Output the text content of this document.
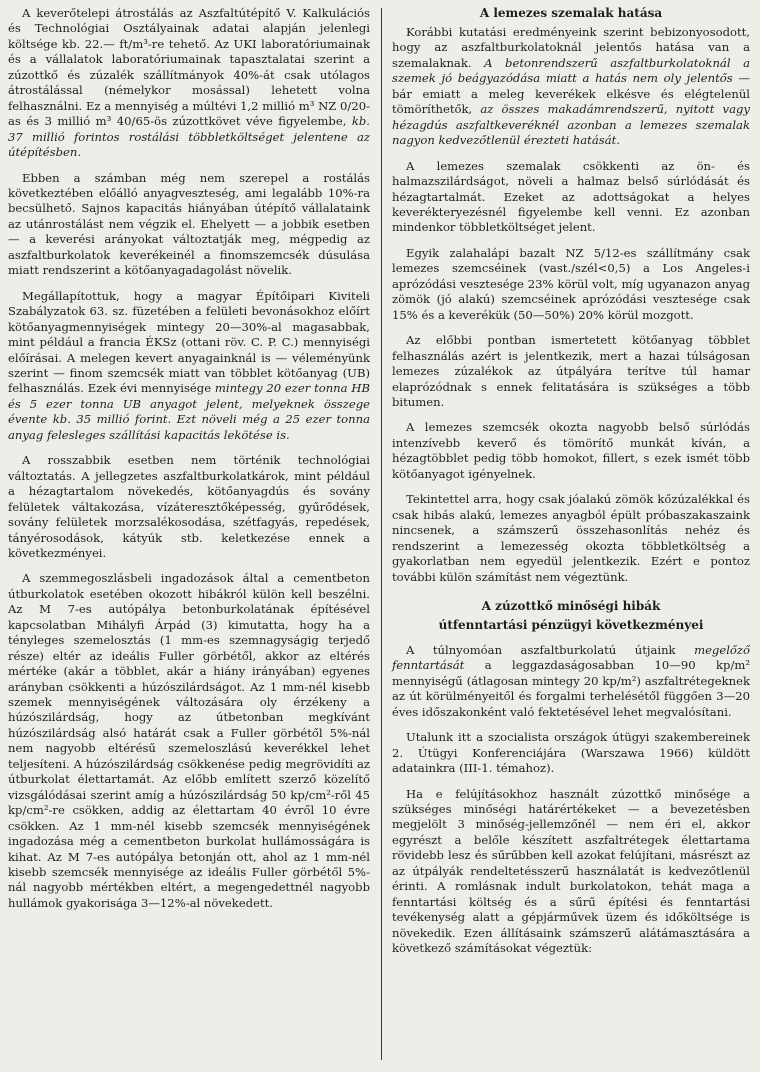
A keverőtelepi átrostálás az Aszfaltútépítő V. Kalkulációs és Technológiai Osztályainak adatai alapján jelenlegi költsége kb. 22.— ft/m³-re tehető. Az UKI laboratóriumainak és a vállalatok laboratóriumainak tapasztalatai szerint a zúzottkő és zúzalék szállítmányok 40%-át csak utólagos átrostálással (némelykor mosással) lehetett volna felhasználni. Ez a mennyiség a múltévi 1,2 millió m³ NZ 0/20-as és 3 millió m³ 40/65-ös zúzottkövet véve figyelembe, kb. 37 millió forintos rostálási többletköltséget jelentene az útépítésben.

Ebben a számban még nem szerepel a rostálás következtében előálló anyagveszteség, ami legalább 10%-ra becsülhető. Sajnos kapacitás hiányában útépítő vállalataink az utánrostálást nem végzik el. Ehelyett — a jobbik esetben — a keverési arányokat változtatják meg, mégpedig az aszfaltburkolatok keverékeinél a finomszemcsék dúsulása miatt rendszerint a kötőanyagadagolást növelik.

Megállapítottuk, hogy a magyar Építőipari Kiviteli Szabályzatok 63. sz. füzetében a felületi bevonásokhoz előírt kötőanyagmennyiségek mintegy 20—30%-al magasabbak, mint például a francia ÉKSz (ottani röv. C. P. C.) mennyiségi előírásai. A melegen kevert anyagainknál is — véleményünk szerint — finom szemcsék miatt van többlet kötőanyag (UB) felhasználás. Ezek évi mennyisége mintegy 20 ezer tonna HB és 5 ezer tonna UB anyagot jelent, melyeknek összege évente kb. 35 millió forint. Ezt növeli még a 25 ezer tonna anyag felesleges szállítási kapacitás lekötése is.

A rosszabbik esetben nem történik technológiai változtatás. A jellegzetes aszfaltburkolatkárok, mint például a hézagtartalom növekedés, kötőanyagdús és sovány felületek váltakozása, vízáteresztőképesség, gyűrődések, sovány felületek morzsalékosodása, szétfagyás, repedések, tányérosodások, kátyúk stb. keletkezése ennek a következményei.

A szemmegoszlásbeli ingadozások által a cementbeton útburkolatok esetében okozott hibákról külön kell beszélni. Az M 7-es autópálya betonburkolatának építésével kapcsolatban Mihályfi Árpád (3) kimutatta, hogy ha a tényleges szemelosztás (1 mm-es szemnagyságig terjedő része) eltér az ideális Fuller görbétől, akkor az eltérés mértéke (akár a többlet, akár a hiány irányában) egyenes arányban csökkenti a húzószilárdságot. Az 1 mm-nél kisebb szemek mennyiségének változására oly érzékeny a húzószilárdság, hogy az útbetonban megkívánt húzószilárdság alsó határát csak a Fuller görbétől 5%-nál nem nagyobb eltérésű szemeloszlású keverékkel lehet teljesíteni. A húzószilárdság csökkenése pedig megrövidíti az útburkolat élettartamát. Az előbb említett szerző közelítő vizsgálódásai szerint amíg a húzószilárdság 50 kp/cm²-ről 45 kp/cm²-re csökken, addig az élettartam 40 évről 10 évre csökken. Az 1 mm-nél kisebb szemcsék mennyiségének ingadozása még a cementbeton burkolat hullámosságára is kihat. Az M 7-es autópálya betonján ott, ahol az 1 mm-nél kisebb szemcsék mennyisége az ideális Fuller görbétől 5%-nál nagyobb mértékben eltért, a megengedettnél nagyobb hullámok gyakorisága 3—12%-al növekedett.

A lemezes szemalak hatása

Korábbi kutatási eredményeink szerint bebizonyosodott, hogy az aszfaltburkolatoknál jelentős hatása van a szemalaknak. A betonrendszerű aszfaltburkolatoknál a szemek jó beágyazódása miatt a hatás nem oly jelentős — bár emiatt a meleg keverékek elkésve és elégtelenül tömöríthetők, az összes makadámrendszerű, nyitott vagy hézagdús aszfaltkeveréknél azonban a lemezes szemalak nagyon kedvezőtlenül érezteti hatását.

A lemezes szemalak csökkenti az ön- és halmazszilárdságot, növeli a halmaz belső súrlódását és hézagtartalmát. Ezeket az adottságokat a helyes keverékteryezésnél figyelembe kell venni. Ez azonban mindenkor többletköltséget jelent.

Egyik zalahalápi bazalt NZ 5/12-es szállítmány csak lemezes szemcséinek (vast./szél<0,5) a Los Angeles-i aprózódási vesztesége 23% körül volt, míg ugyanazon anyag zömök (jó alakú) szemcséinek aprózódási vesztesége csak 15% és a keverékük (50—50%) 20% körül mozgott.

Az előbbi pontban ismertetett kötőanyag többlet felhasználás azért is jelentkezik, mert a hazai túlságosan lemezes zúzalékok az útpályára terítve túl hamar elaprózódnak s ennek felitatására is szükséges a több bitumen.

A lemezes szemcsék okozta nagyobb belső súrlódás intenzívebb keverő és tömörítő munkát kíván, a hézagtöbblet pedig több homokot, fillert, s ezek ismét több kötőanyagot igényelnek.

Tekintettel arra, hogy csak jóalakú zömök kőzúzalékkal és csak hibás alakú, lemezes anyagból épült próbaszakaszaink nincsenek, a számszerű összehasonlítás nehéz és rendszerint a lemezesség okozta többletköltség a gyakorlatban nem egyedül jelentkezik. Ezért e pontoz további külön számítást nem végeztünk.

A zúzottkő minőségi hibák
útfenntartási pénzügyi következményei

A túlnyomóan aszfaltburkolatú útjaink megelőző fenntartását a leggazdaságosabban 10—90 kp/m² mennyiségű (átlagosan mintegy 20 kp/m²) aszfaltrétegeknek az út körülményeitől és forgalmi terhelésétől függően 3—20 éves időszakonként való fektetésével lehet megvalósítani.

Utalunk itt a szocialista országok útügyi szakembereinek 2. Útügyi Konferenciájára (Warszawa 1966) küldött adatainkra (III-1. témahoz).

Ha e felújításokhoz használt zúzottkő minősége a szükséges minőségi határértékeket — a bevezetésben megjelölt 3 minőség-jellemzőnél — nem éri el, akkor egyrészt a belőle készített aszfaltrétegek élettartama rövidebb lesz és sűrűbben kell azokat felújítani, másrészt az az útpályák rendeltetésszerű használatát is kedvezőtlenül érinti. A romlásnak indult burkolatokon, tehát maga a fenntartási költség és a sűrű építési és fenntartási tevékenység alatt a gépjárművek üzem és időköltsége is növekedik. Ezen állításaink számszerű alátámasztására a következő számításokat végeztük:
